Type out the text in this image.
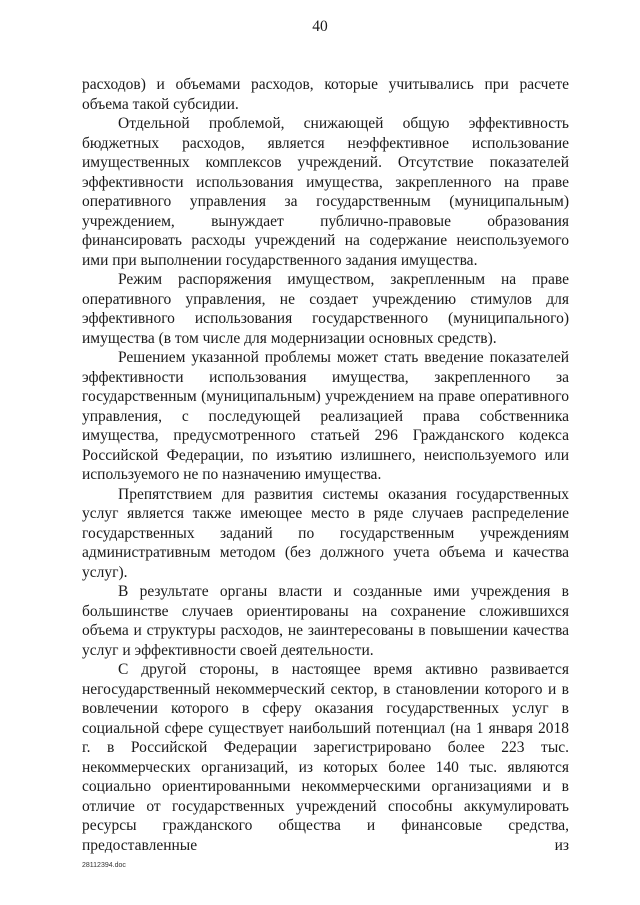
40

расходов) и объемами расходов, которые учитывались при расчете объема такой субсидии.

Отдельной проблемой, снижающей общую эффективность бюджетных расходов, является неэффективное использование имущественных комплексов учреждений. Отсутствие показателей эффективности использования имущества, закрепленного на праве оперативного управления за государственным (муниципальным) учреждением, вынуждает публично-правовые образования финансировать расходы учреждений на содержание неиспользуемого ими при выполнении государственного задания имущества.

Режим распоряжения имуществом, закрепленным на праве оперативного управления, не создает учреждению стимулов для эффективного использования государственного (муниципального) имущества (в том числе для модернизации основных средств).

Решением указанной проблемы может стать введение показателей эффективности использования имущества, закрепленного за государственным (муниципальным) учреждением на праве оперативного управления, с последующей реализацией права собственника имущества, предусмотренного статьей 296 Гражданского кодекса Российской Федерации, по изъятию излишнего, неиспользуемого или используемого не по назначению имущества.

Препятствием для развития системы оказания государственных услуг является также имеющее место в ряде случаев распределение государственных заданий по государственным учреждениям административным методом (без должного учета объема и качества услуг).

В результате органы власти и созданные ими учреждения в большинстве случаев ориентированы на сохранение сложившихся объема и структуры расходов, не заинтересованы в повышении качества услуг и эффективности своей деятельности.

С другой стороны, в настоящее время активно развивается негосударственный некоммерческий сектор, в становлении которого и в вовлечении которого в сферу оказания государственных услуг в социальной сфере существует наибольший потенциал (на 1 января 2018 г. в Российской Федерации зарегистрировано более 223 тыс. некоммерческих организаций, из которых более 140 тыс. являются социально ориентированными некоммерческими организациями и в отличие от государственных учреждений способны аккумулировать ресурсы гражданского общества и финансовые средства, предоставленные из

28112394.doc
